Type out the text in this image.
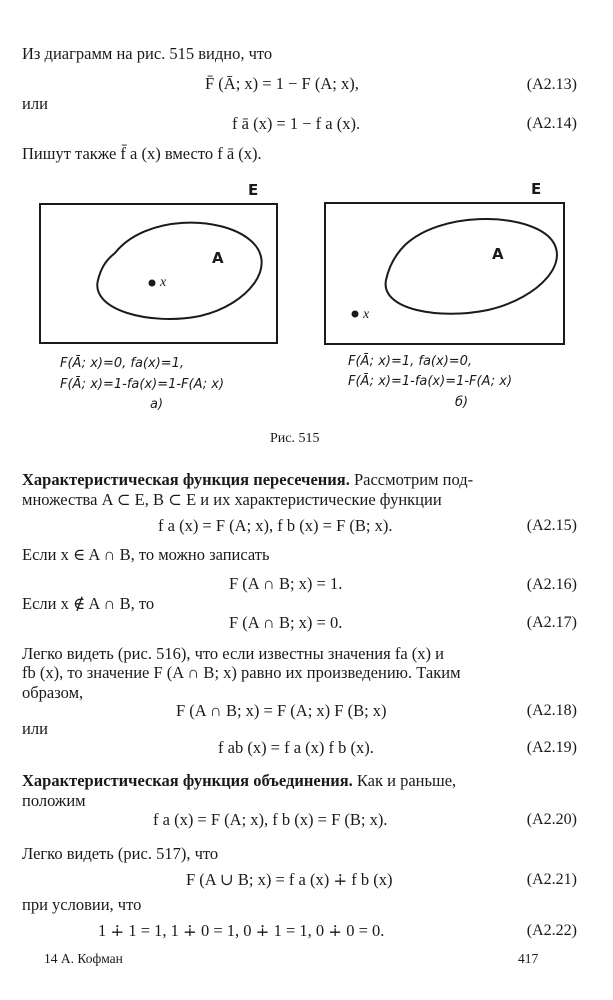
Из диаграмм на рис. 515 видно, что
F̄ (Ā; x) = 1 − F (A; x),	(A2.13)
или
f ā (x) = 1 − f a (x).	(A2.14)
Пишут также f̄ a (x) вместо f ā (x).
E
A
x
F(Ā; x)=0, fa(x)=1,
F(Ā; x)=1-fa(x)=1-F(A; x)
a)
E
A
x
F(Ā; x)=1, fa(x)=0,
F(Ā; x)=1-fa(x)=1-F(A; x)
б)
Рис. 515
Характеристическая функция пересечения. Рассмотрим под-
множества A ⊂ E, B ⊂ E и их характеристические функции
f a (x) = F (A; x), f b (x) = F (B; x).	(A2.15)
Если x ∈ A ∩ B, то можно записать
F (A ∩ B; x) = 1.	(A2.16)
Если x ∉ A ∩ B, то
F (A ∩ B; x) = 0.	(A2.17)
Легко видеть (рис. 516), что если известны значения fa (x) и
fb (x), то значение F (A ∩ B; x) равно их произведению. Таким
образом,
F (A ∩ B; x) = F (A; x) F (B; x)	(A2.18)
или
f ab (x) = f a (x) f b (x).	(A2.19)
Характеристическая функция объединения. Как и раньше,
положим
f a (x) = F (A; x), f b (x) = F (B; x).	(A2.20)
Легко видеть (рис. 517), что
F (A ∪ B; x) = f a (x) ∔ f b (x)	(A2.21)
при условии, что
1 ∔ 1 = 1, 1 ∔ 0 = 1, 0 ∔ 1 = 1, 0 ∔ 0 = 0.	(A2.22)
14 А. Кофман	417
